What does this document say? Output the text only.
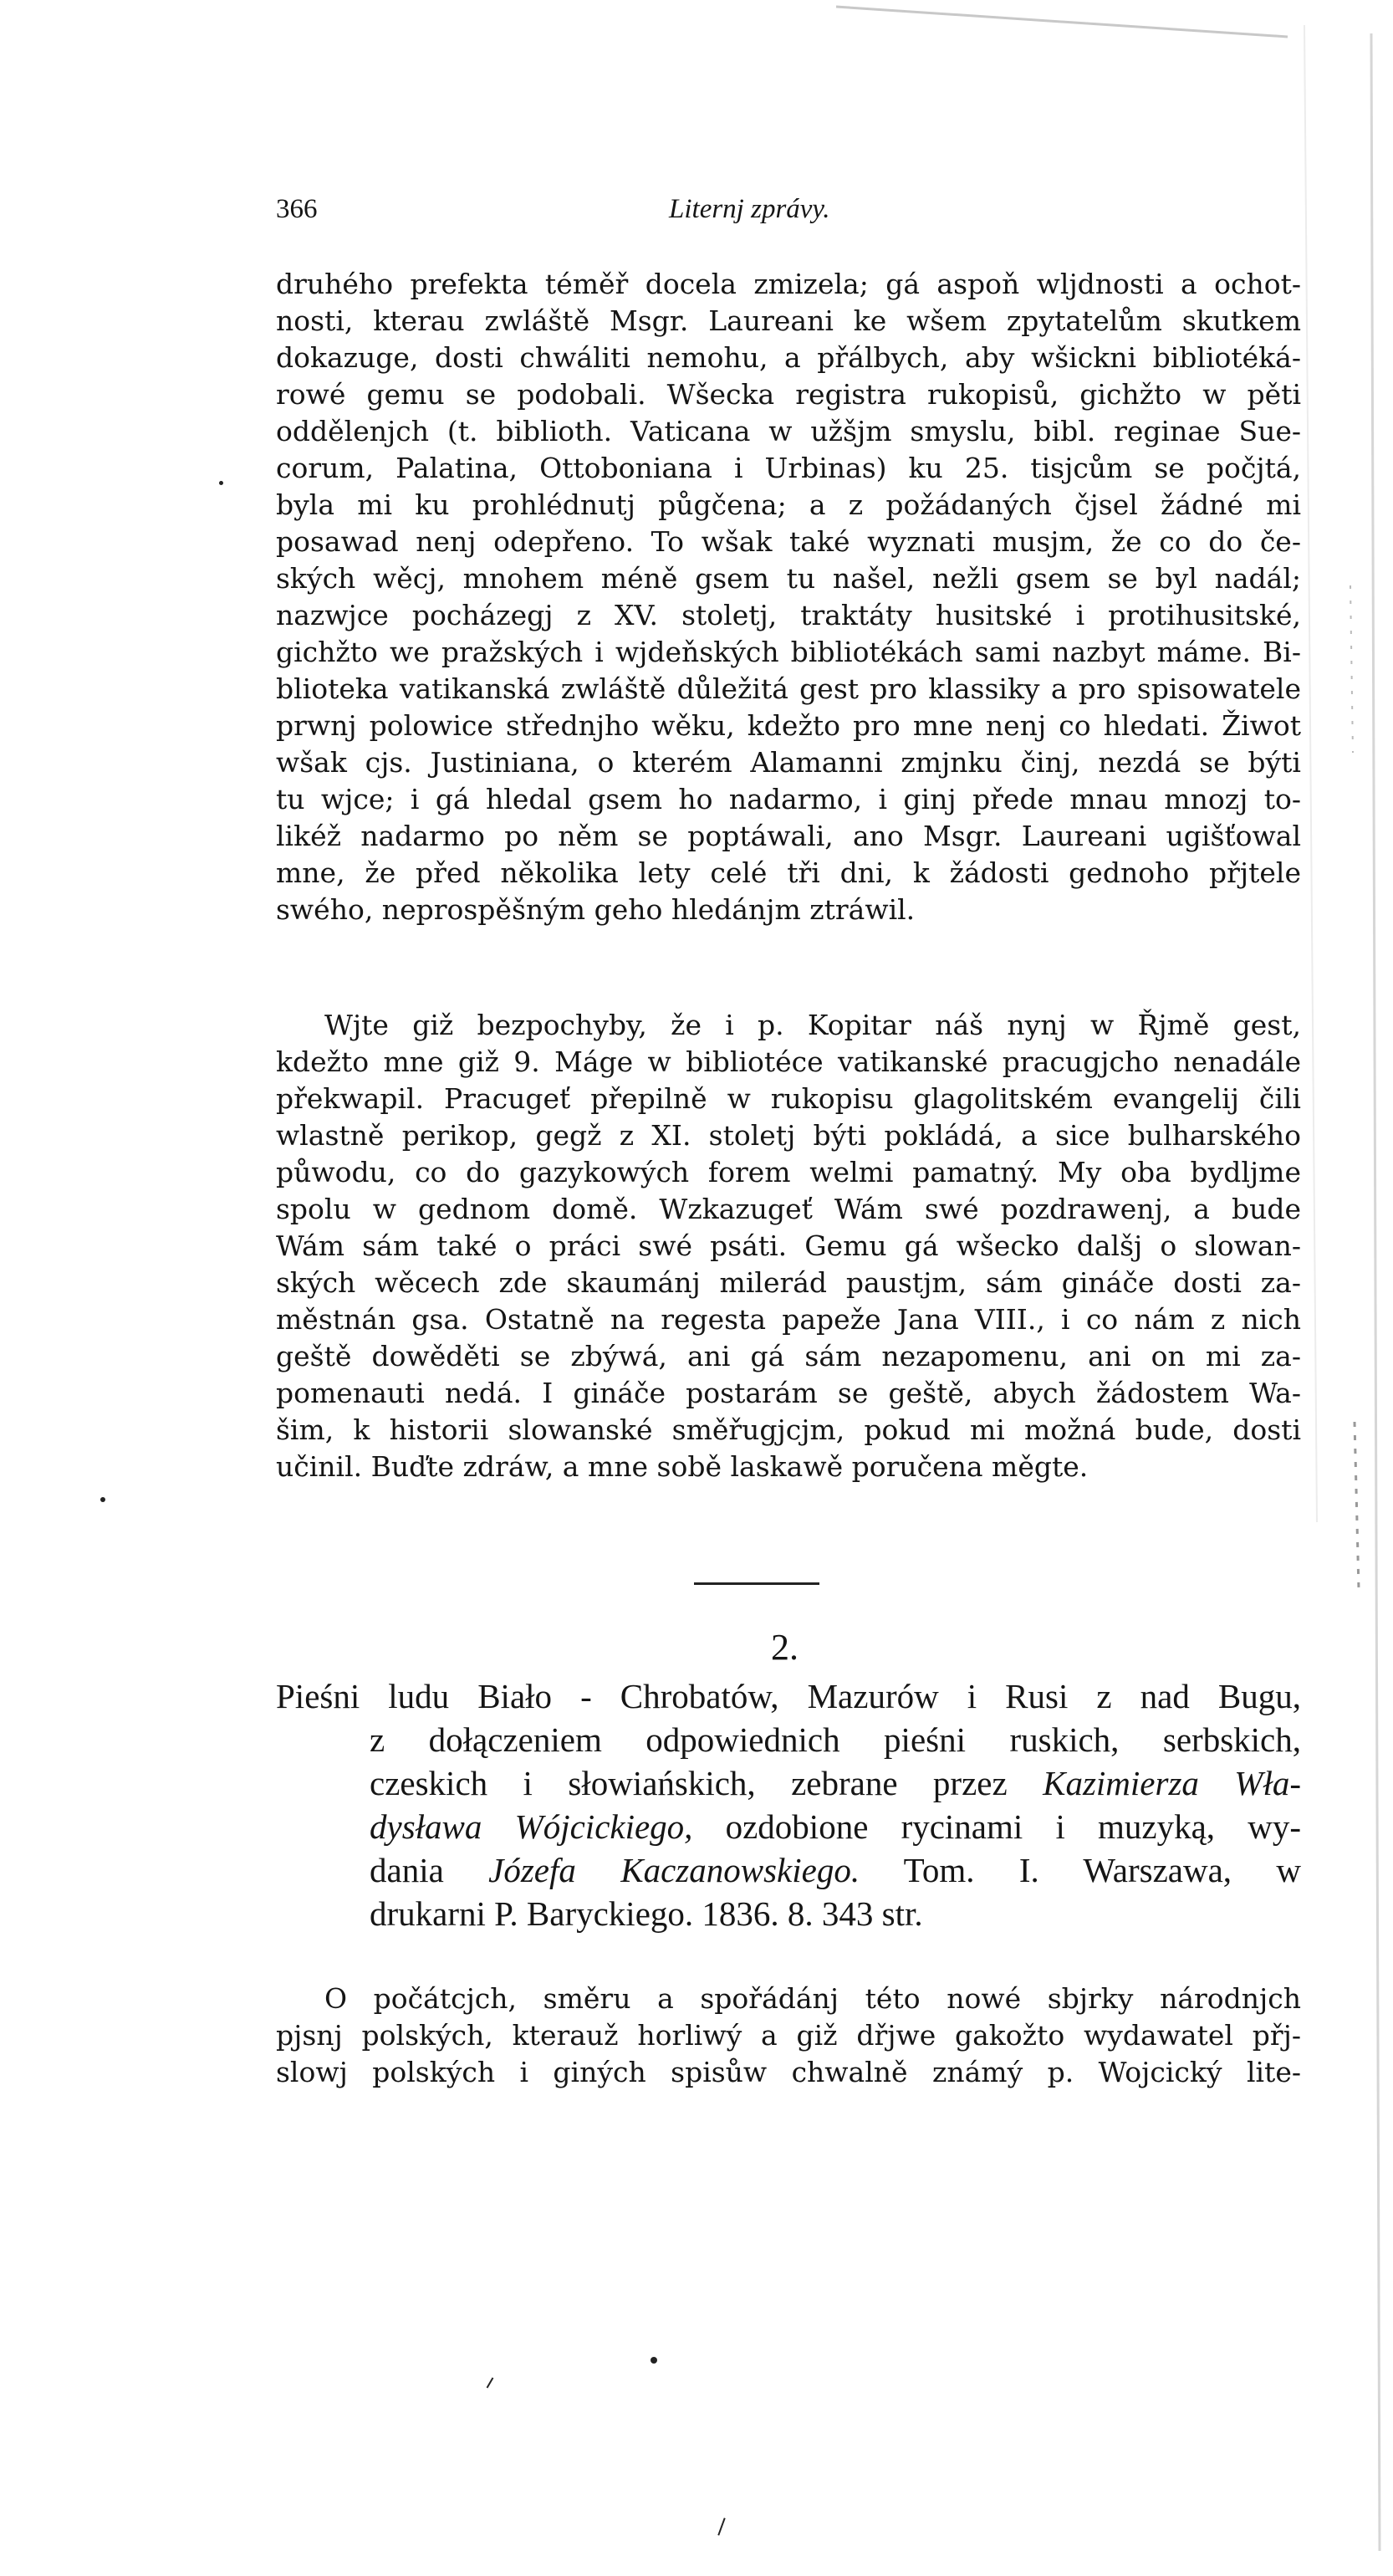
366	Liternj zprávy.
druhého prefekta téměř docela zmizela; gá aspoň wljdnosti a ochot-
nosti, kterau zwláště Msgr. Laureani ke wšem zpytatelům skutkem
dokazuge, dosti chwáliti nemohu, a přálbych, aby wšickni bibliotéká-
rowé gemu se podobali. Wšecka registra rukopisů, gichžto w pěti
oddělenjch (t. biblioth. Vaticana w užšjm smyslu, bibl. reginae Sue-
corum, Palatina, Ottoboniana i Urbinas) ku 25. tisjcům se počjtá,
byla mi ku prohlédnutj půgčena; a z požádaných čjsel žádné mi
posawad nenj odepřeno. To wšak také wyznati musjm, že co do če-
ských wěcj, mnohem méně gsem tu našel, nežli gsem se byl nadál;
nazwjce pocházegj z XV. stoletj, traktáty husitské i protihusitské,
gichžto we pražských i wjdeňských bibliotékách sami nazbyt máme. Bi-
blioteka vatikanská zwláště důležitá gest pro klassiky a pro spisowatele
prwnj polowice střednjho wěku, kdežto pro mne nenj co hledati. Žiwot
wšak cjs. Justiniana, o kterém Alamanni zmjnku činj, nezdá se býti
tu wjce; i gá hledal gsem ho nadarmo, i ginj přede mnau mnozj to-
likéž nadarmo po něm se poptáwali, ano Msgr. Laureani ugišťowal
mne, že před několika lety celé tři dni, k žádosti gednoho přjtele
swého, neprospěšným geho hledánjm ztráwil.
Wjte giž bezpochyby, že i p. Kopitar náš nynj w Řjmě gest,
kdežto mne giž 9. Máge w bibliotéce vatikanské pracugjcho nenadále
překwapil. Pracugeť přepilně w rukopisu glagolitském evangelij čili
wlastně perikop, gegž z XI. stoletj býti pokládá, a sice bulharského
půwodu, co do gazykowých forem welmi pamatný. My oba bydljme
spolu w gednom domě. Wzkazugeť Wám swé pozdrawenj, a bude
Wám sám také o práci swé psáti. Gemu gá wšecko dalšj o slowan-
ských wěcech zde skaumánj milerád paustjm, sám gináče dosti za-
městnán gsa. Ostatně na regesta papeže Jana VIII., i co nám z nich
geště dowěděti se zbýwá, ani gá sám nezapomenu, ani on mi za-
pomenauti nedá. I gináče postarám se geště, abych žádostem Wa-
šim, k historii slowanské směřugjcjm, pokud mi možná bude, dosti
učinil. Buďte zdráw, a mne sobě laskawě poručena měgte.
2.
Pieśni ludu Biało - Chrobatów, Mazurów i Rusi z nad Bugu,
z dołączeniem odpowiednich pieśni ruskich, serbskich,
czeskich i słowiańskich, zebrane przez Kazimierza Wła-
dysława Wójcickiego, ozdobione rycinami i muzyką, wy-
dania Józefa Kaczanowskiego. Tom. I. Warszawa, w
drukarni P. Baryckiego. 1836. 8. 343 str.
O počátcjch, směru a spořádánj této nowé sbjrky národnjch
pjsnj polských, kterauž horliwý a giž dřjwe gakožto wydawatel přj-
slowj polských i giných spisůw chwalně známý p. Wojcický lite-
